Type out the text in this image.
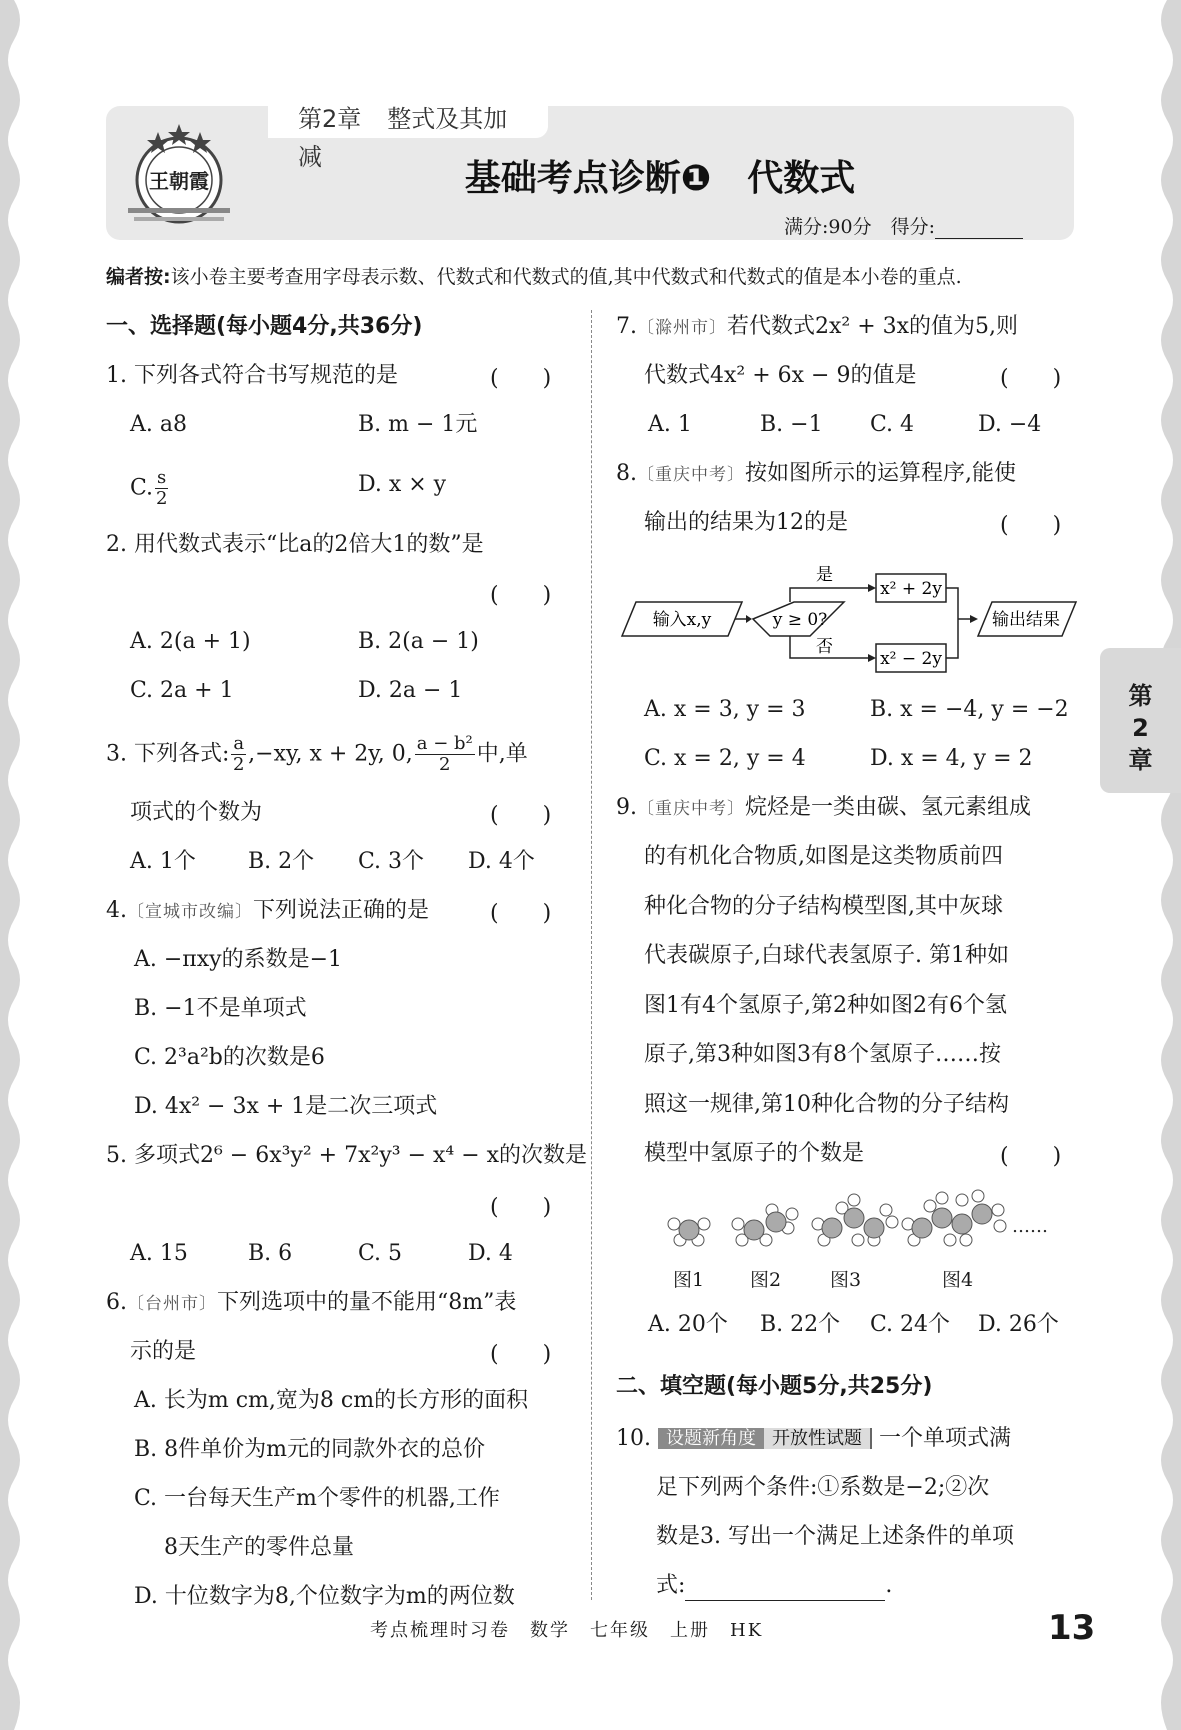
王朝霞
第2章 整式及其加减
基础考点诊断❶　代数式
满分:90分　 得分:
编者按:该小卷主要考查用字母表示数、代数式和代数式的值,其中代数式和代数式的值是本小卷的重点.
一、选择题(每小题4分,共36分)
1. 下列各式符合书写规范的是	(　　)
A. a8	B. m − 1元
C. $\frac{s}{2}$	D. x × y
2. 用代数式表示“比a的2倍大1的数”是
(　　)
A. 2(a + 1)	B. 2(a − 1)
C. 2a + 1	D. 2a − 1
3. 下列各式: $\frac{a}{2} ,-xy$, x + 2y, 0, $\frac{\text{a − b²}}{2}$ 中,单
项式的个数为	(　　)
A. 1个 B. 2个 C. 3个 D. 4个
4.〔宣城市改编〕下列说法正确的是	(　　)
A. −πxy的系数是−1
B. −1不是单项式
C. 2³a²b的次数是6
D. 4x² − 3x + 1是二次三项式
5. 多项式2⁶ − 6x³y² + 7x²y³ − x⁴ − x的次数是
(　　)
A. 15	B. 6	C. 5	D. 4
6.〔台州市〕下列选项中的量不能用“8m”表
示的是	(　　)
A. 长为m cm,宽为8 cm的长方形的面积
B. 8件单价为m元的同款外衣的总价
C. 一台每天生产m个零件的机器,工作
8天生产的零件总量
D. 十位数字为8,个位数字为m的两位数
7.〔滁州市〕若代数式2x² + 3x的值为5,则
代数式4x² + 6x − 9的值是	(　　)
A. 1	B. −1 C. 4	D. −4
8.〔重庆中考〕按如图所示的运算程序,能使
输出的结果为12的是	(　　)
输入x,y	y ≥ 0?
是
否
x² + 2y
x² − 2y
输出结果
A. x = 3, y = 3	B. x = −4, y = −2
C. x = 2, y = 4	D. x = 4, y = 2
9.〔重庆中考〕烷烃是一类由碳、氢元素组成
的有机化合物质,如图是这类物质前四
种化合物的分子结构模型图,其中灰球
代表碳原子,白球代表氢原子. 第1种如
图1有4个氢原子,第2种如图2有6个氢
原子,第3种如图3有8个氢原子……按
照这一规律,第10种化合物的分子结构
模型中氢原子的个数是	(　　)
……
图1 图2	图3	图4
A. 20个 B. 22个 C. 24个 D. 26个
二、填空题(每小题5分,共25分)
10. 设题新角度 开放性试题 一个单项式满
足下列两个条件:①系数是−2;②次
数是3. 写出一个满足上述条件的单项
式:	.
第
2
章
考点梳理时习卷　数学　七年级　上册　HK	13
